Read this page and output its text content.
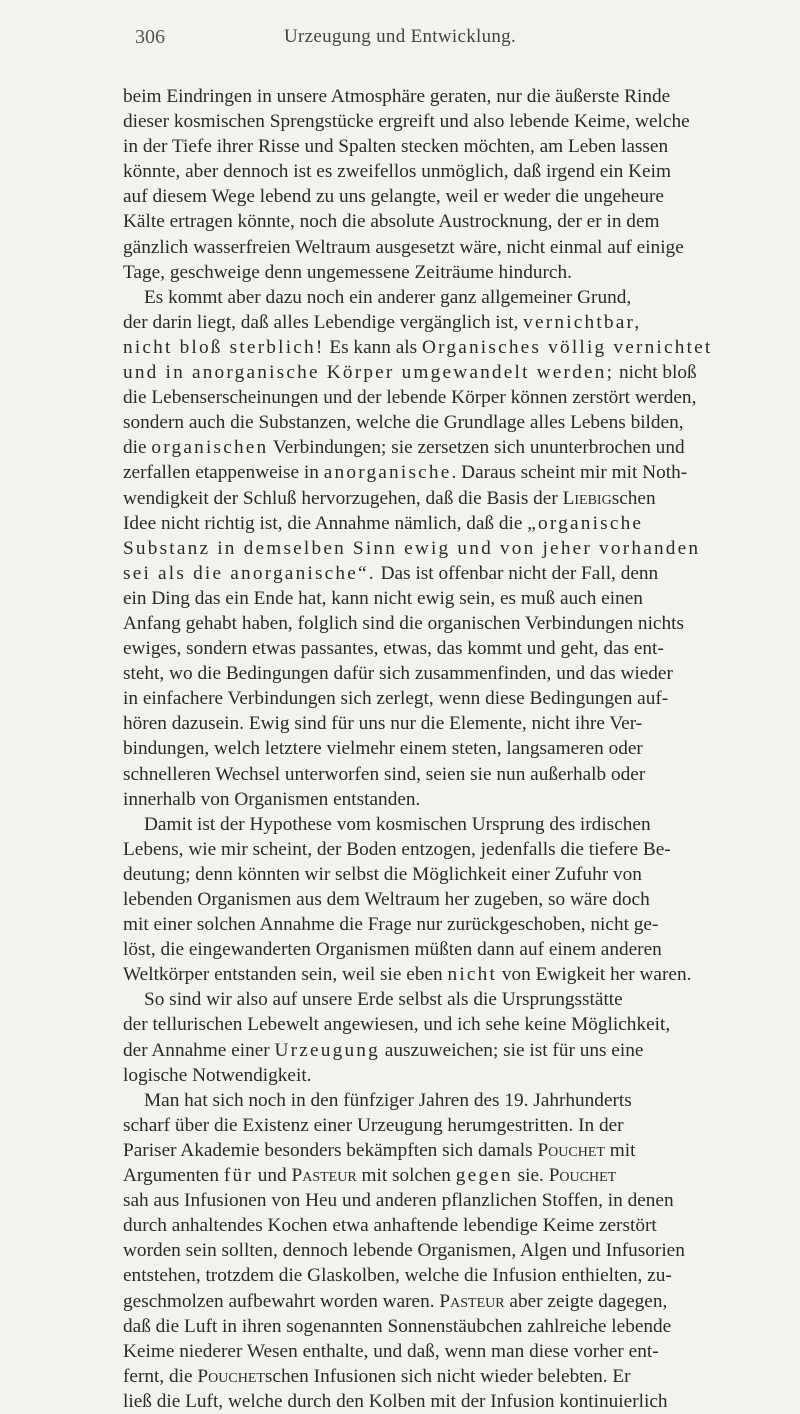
306	Urzeugung und Entwicklung.
beim Eindringen in unsere Atmosphäre geraten, nur die äußerste Rinde
dieser kosmischen Sprengstücke ergreift und also lebende Keime, welche
in der Tiefe ihrer Risse und Spalten stecken möchten, am Leben lassen
könnte, aber dennoch ist es zweifellos unmöglich, daß irgend ein Keim
auf diesem Wege lebend zu uns gelangte, weil er weder die ungeheure
Kälte ertragen könnte, noch die absolute Austrocknung, der er in dem
gänzlich wasserfreien Weltraum ausgesetzt wäre, nicht einmal auf einige
Tage, geschweige denn ungemessene Zeiträume hindurch.
Es kommt aber dazu noch ein anderer ganz allgemeiner Grund,
der darin liegt, daß alles Lebendige vergänglich ist, vernichtbar,
nicht bloß sterblich! Es kann als Organisches völlig vernichtet
und in anorganische Körper umgewandelt werden; nicht bloß
die Lebenserscheinungen und der lebende Körper können zerstört werden,
sondern auch die Substanzen, welche die Grundlage alles Lebens bilden,
die organischen Verbindungen; sie zersetzen sich ununterbrochen und
zerfallen etappenweise in anorganische. Daraus scheint mir mit Noth-
wendigkeit der Schluß hervorzugehen, daß die Basis der Liebigschen
Idee nicht richtig ist, die Annahme nämlich, daß die „organische
Substanz in demselben Sinn ewig und von jeher vorhanden
sei als die anorganische“. Das ist offenbar nicht der Fall, denn
ein Ding das ein Ende hat, kann nicht ewig sein, es muß auch einen
Anfang gehabt haben, folglich sind die organischen Verbindungen nichts
ewiges, sondern etwas passantes, etwas, das kommt und geht, das ent-
steht, wo die Bedingungen dafür sich zusammenfinden, und das wieder
in einfachere Verbindungen sich zerlegt, wenn diese Bedingungen auf-
hören dazusein. Ewig sind für uns nur die Elemente, nicht ihre Ver-
bindungen, welch letztere vielmehr einem steten, langsameren oder
schnelleren Wechsel unterworfen sind, seien sie nun außerhalb oder
innerhalb von Organismen entstanden.
Damit ist der Hypothese vom kosmischen Ursprung des irdischen
Lebens, wie mir scheint, der Boden entzogen, jedenfalls die tiefere Be-
deutung; denn könnten wir selbst die Möglichkeit einer Zufuhr von
lebenden Organismen aus dem Weltraum her zugeben, so wäre doch
mit einer solchen Annahme die Frage nur zurückgeschoben, nicht ge-
löst, die eingewanderten Organismen müßten dann auf einem anderen
Weltkörper entstanden sein, weil sie eben nicht von Ewigkeit her waren.
So sind wir also auf unsere Erde selbst als die Ursprungsstätte
der tellurischen Lebewelt angewiesen, und ich sehe keine Möglichkeit,
der Annahme einer Urzeugung auszuweichen; sie ist für uns eine
logische Notwendigkeit.
Man hat sich noch in den fünfziger Jahren des 19. Jahrhunderts
scharf über die Existenz einer Urzeugung herumgestritten. In der
Pariser Akademie besonders bekämpften sich damals Pouchet mit
Argumenten für und Pasteur mit solchen gegen sie. Pouchet
sah aus Infusionen von Heu und anderen pflanzlichen Stoffen, in denen
durch anhaltendes Kochen etwa anhaftende lebendige Keime zerstört
worden sein sollten, dennoch lebende Organismen, Algen und Infusorien
entstehen, trotzdem die Glaskolben, welche die Infusion enthielten, zu-
geschmolzen aufbewahrt worden waren. Pasteur aber zeigte dagegen,
daß die Luft in ihren sogenannten Sonnenstäubchen zahlreiche lebende
Keime niederer Wesen enthalte, und daß, wenn man diese vorher ent-
fernt, die Pouchetschen Infusionen sich nicht wieder belebten. Er
ließ die Luft, welche durch den Kolben mit der Infusion kontinuierlich
